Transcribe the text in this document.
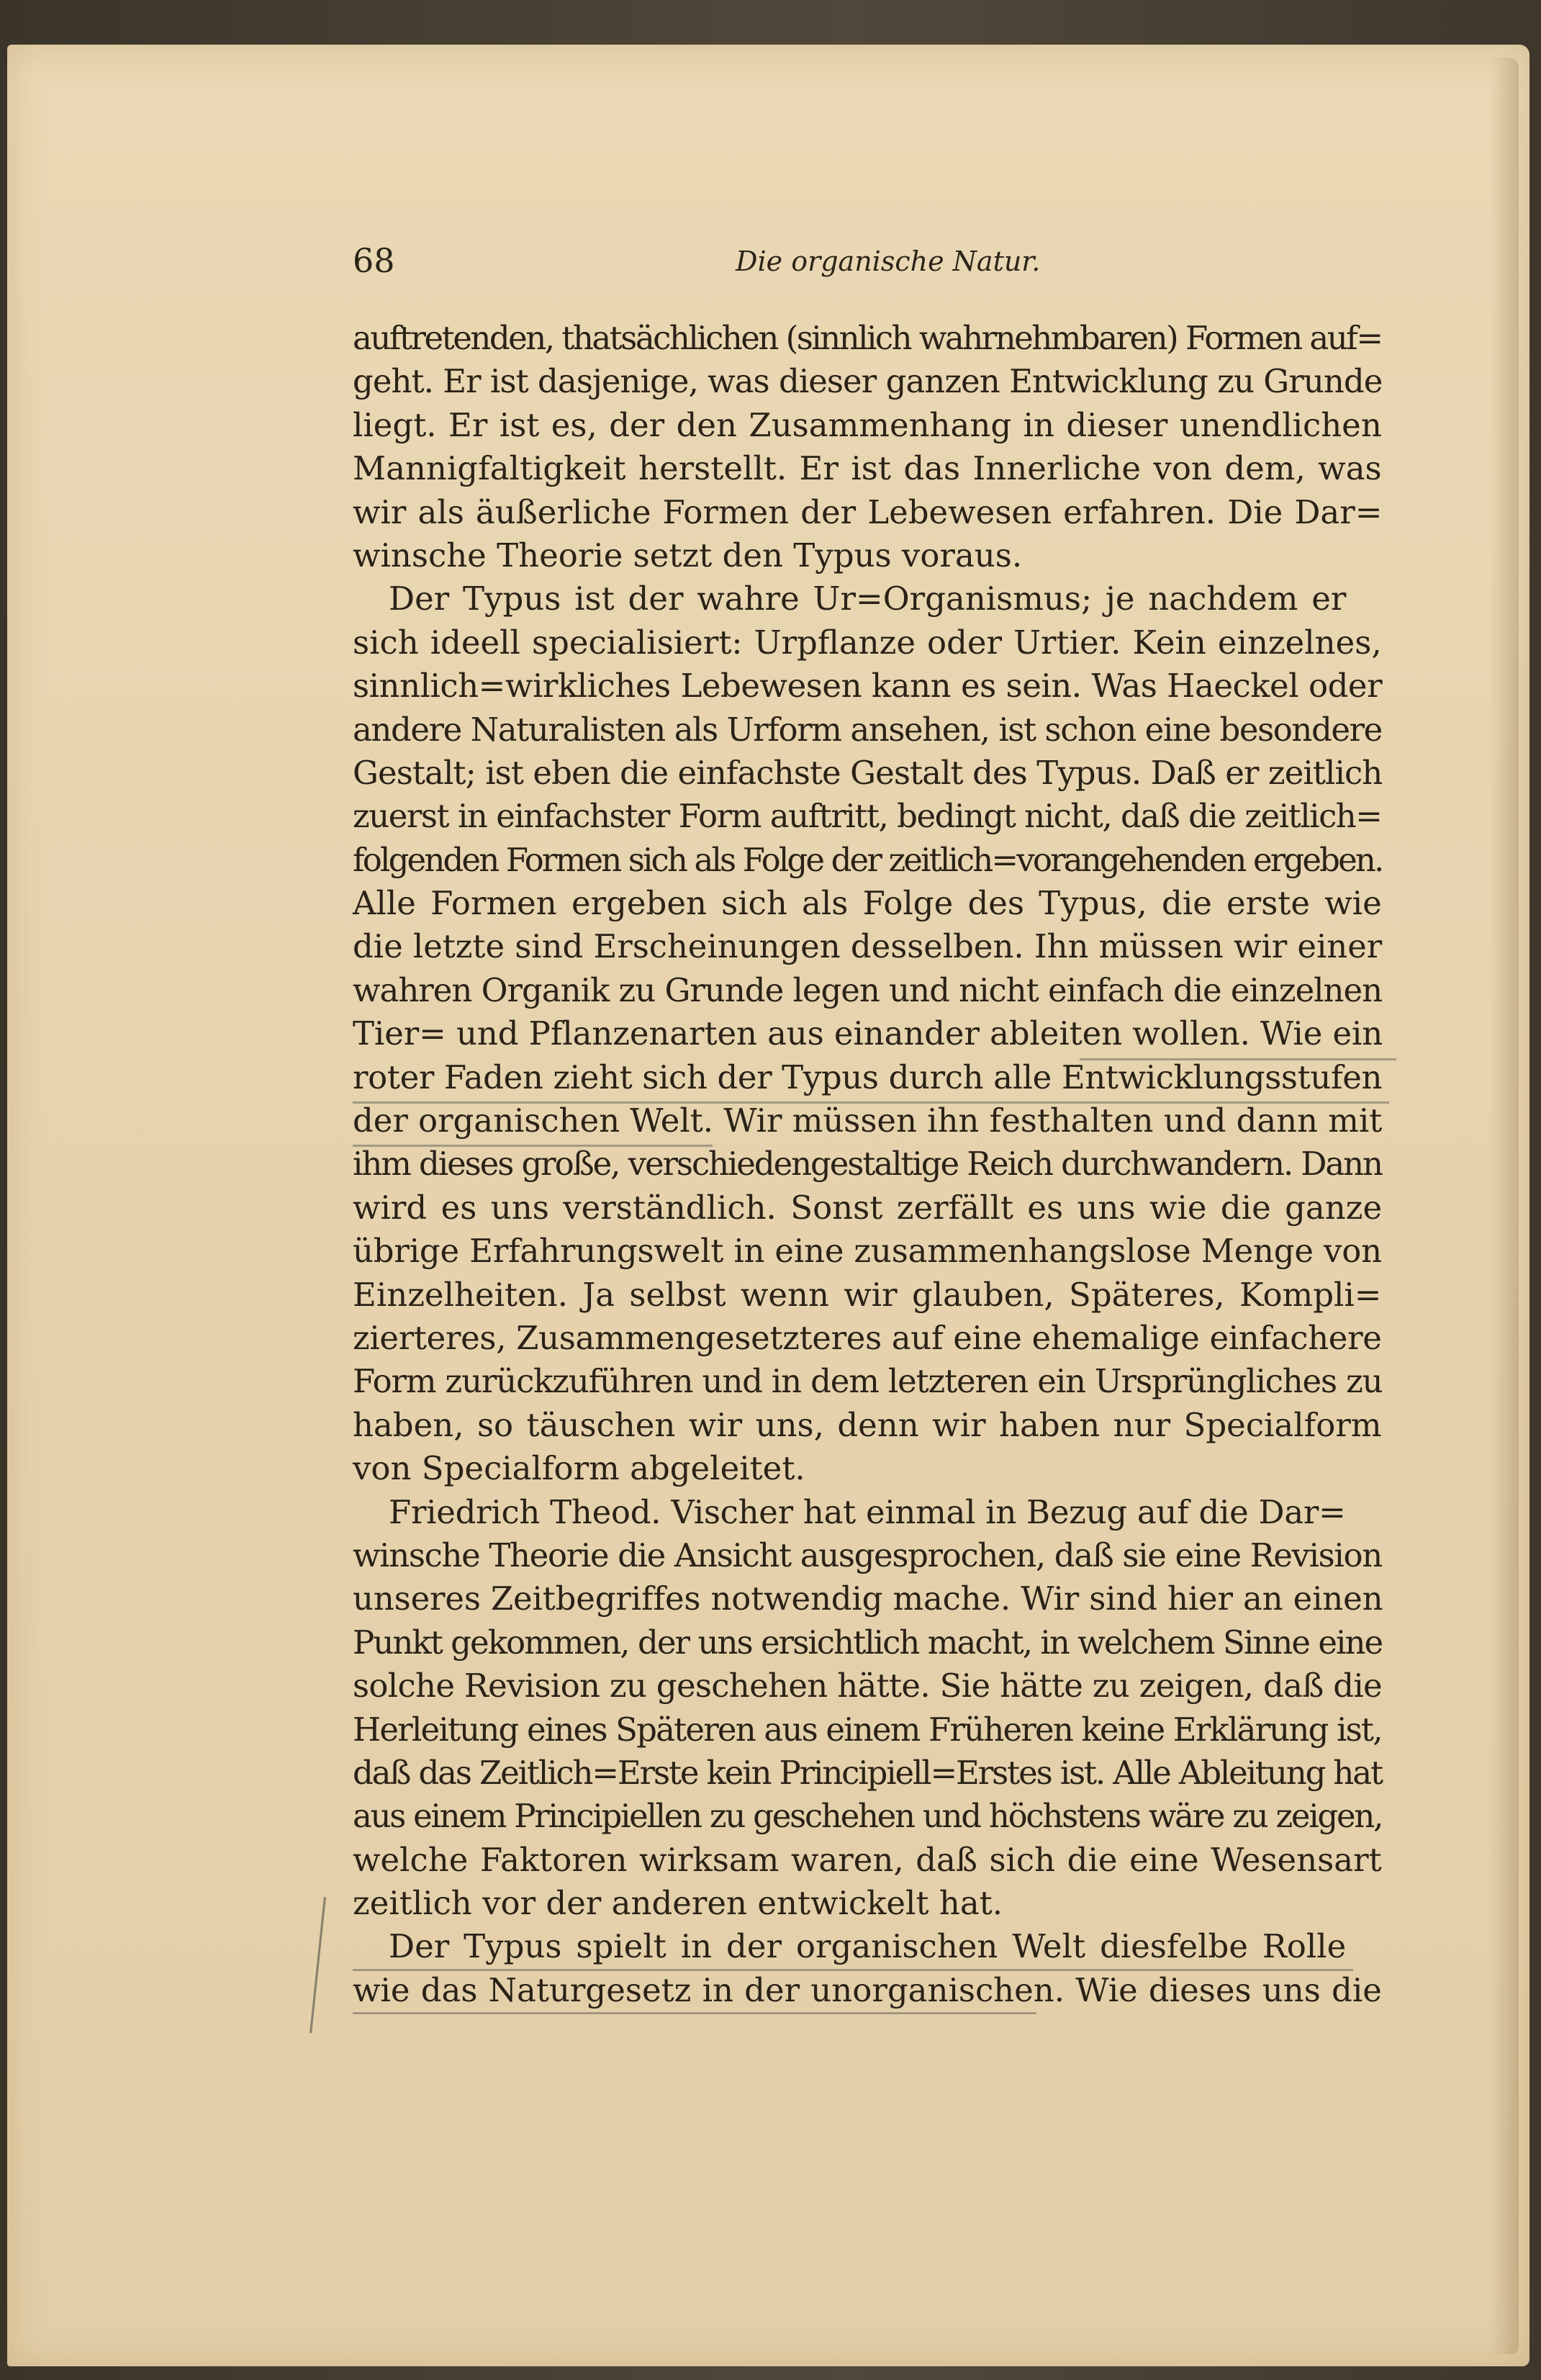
68	Die organische Natur.
auftretenden, thatsächlichen (sinnlich wahrnehmbaren) Formen auf=
geht. Er ist dasjenige, was dieser ganzen Entwicklung zu Grunde
liegt. Er ist es, der den Zusammenhang in dieser unendlichen
Mannigfaltigkeit herstellt. Er ist das Innerliche von dem, was
wir als äußerliche Formen der Lebewesen erfahren. Die Dar=
winsche Theorie setzt den Typus voraus.
Der Typus ist der wahre Ur=Organismus; je nachdem er
sich ideell specialisiert: Urpflanze oder Urtier. Kein einzelnes,
sinnlich=wirkliches Lebewesen kann es sein. Was Haeckel oder
andere Naturalisten als Urform ansehen, ist schon eine besondere
Gestalt; ist eben die einfachste Gestalt des Typus. Daß er zeitlich
zuerst in einfachster Form auftritt, bedingt nicht, daß die zeitlich=
folgenden Formen sich als Folge der zeitlich=vorangehenden ergeben.
Alle Formen ergeben sich als Folge des Typus, die erste wie
die letzte sind Erscheinungen desselben. Ihn müssen wir einer
wahren Organik zu Grunde legen und nicht einfach die einzelnen
Tier= und Pflanzenarten aus einander ableiten wollen. Wie ein
roter Faden zieht sich der Typus durch alle Entwicklungsstufen
der organischen Welt. Wir müssen ihn festhalten und dann mit
ihm dieses große, verschiedengestaltige Reich durchwandern. Dann
wird es uns verständlich. Sonst zerfällt es uns wie die ganze
übrige Erfahrungswelt in eine zusammenhangslose Menge von
Einzelheiten. Ja selbst wenn wir glauben, Späteres, Kompli=
zierteres, Zusammengesetzteres auf eine ehemalige einfachere
Form zurückzuführen und in dem letzteren ein Ursprüngliches zu
haben, so täuschen wir uns, denn wir haben nur Specialform
von Specialform abgeleitet.
Friedrich Theod. Vischer hat einmal in Bezug auf die Dar=
winsche Theorie die Ansicht ausgesprochen, daß sie eine Revision
unseres Zeitbegriffes notwendig mache. Wir sind hier an einen
Punkt gekommen, der uns ersichtlich macht, in welchem Sinne eine
solche Revision zu geschehen hätte. Sie hätte zu zeigen, daß die
Herleitung eines Späteren aus einem Früheren keine Erklärung ist,
daß das Zeitlich=Erste kein Principiell=Erstes ist. Alle Ableitung hat
aus einem Principiellen zu geschehen und höchstens wäre zu zeigen,
welche Faktoren wirksam waren, daß sich die eine Wesensart
zeitlich vor der anderen entwickelt hat.
Der Typus spielt in der organischen Welt diesfelbe Rolle
wie das Naturgesetz in der unorganischen. Wie dieses uns die
